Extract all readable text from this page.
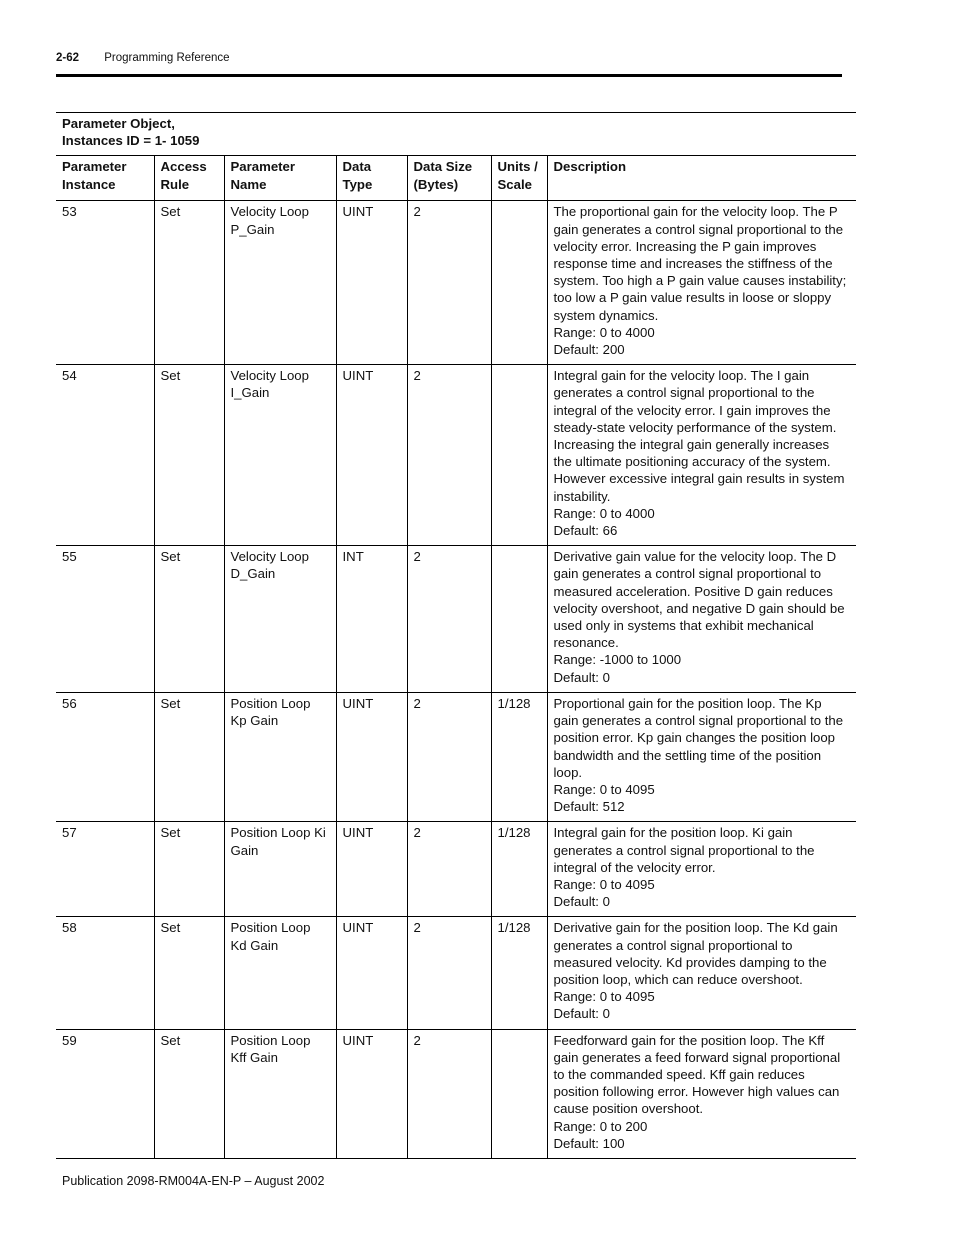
2-62 Programming Reference
Parameter Object,
Instances ID = 1- 1059						

Parameter Instance	Access Rule	Parameter Name	Data Type	Data Size (Bytes)	Units / Scale	Description
53	Set	Velocity Loop P_Gain	UINT	2		The proportional gain for the velocity loop. The P gain generates a control signal proportional to the velocity error. Increasing the P gain improves response time and increases the stiffness of the system. Too high a P gain value causes instability; too low a P gain value results in loose or sloppy system dynamics.
Range: 0 to 4000
Default: 200

54	Set	Velocity Loop I_Gain	UINT	2		Integral gain for the velocity loop. The I gain generates a control signal proportional to the integral of the velocity error. I gain improves the steady-state velocity performance of the system. Increasing the integral gain generally increases the ultimate positioning accuracy of the system. However excessive integral gain results in system instability.
Range: 0 to 4000
Default: 66

55	Set	Velocity Loop D_Gain	INT	2		Derivative gain value for the velocity loop. The D gain generates a control signal proportional to measured acceleration. Positive D gain reduces velocity overshoot, and negative D gain should be used only in systems that exhibit mechanical resonance.
Range: -1000 to 1000
Default: 0

56	Set	Position Loop Kp Gain	UINT	2	1/128	Proportional gain for the position loop. The Kp gain generates a control signal proportional to the position error. Kp gain changes the position loop bandwidth and the settling time of the position loop.
Range: 0 to 4095
Default: 512

57	Set	Position Loop Ki Gain	UINT	2	1/128	Integral gain for the position loop. Ki gain generates a control signal proportional to the integral of the velocity error.
Range: 0 to 4095
Default: 0

58	Set	Position Loop Kd Gain	UINT	2	1/128	Derivative gain for the position loop. The Kd gain generates a control signal proportional to measured velocity. Kd provides damping to the position loop, which can reduce overshoot.
Range: 0 to 4095
Default: 0

59	Set	Position Loop Kff Gain	UINT	2		Feedforward gain for the position loop. The Kff gain generates a feed forward signal proportional to the commanded speed. Kff gain reduces position following error. However high values can cause position overshoot.
Range: 0 to 200
Default: 100
Publication 2098-RM004A-EN-P – August 2002
